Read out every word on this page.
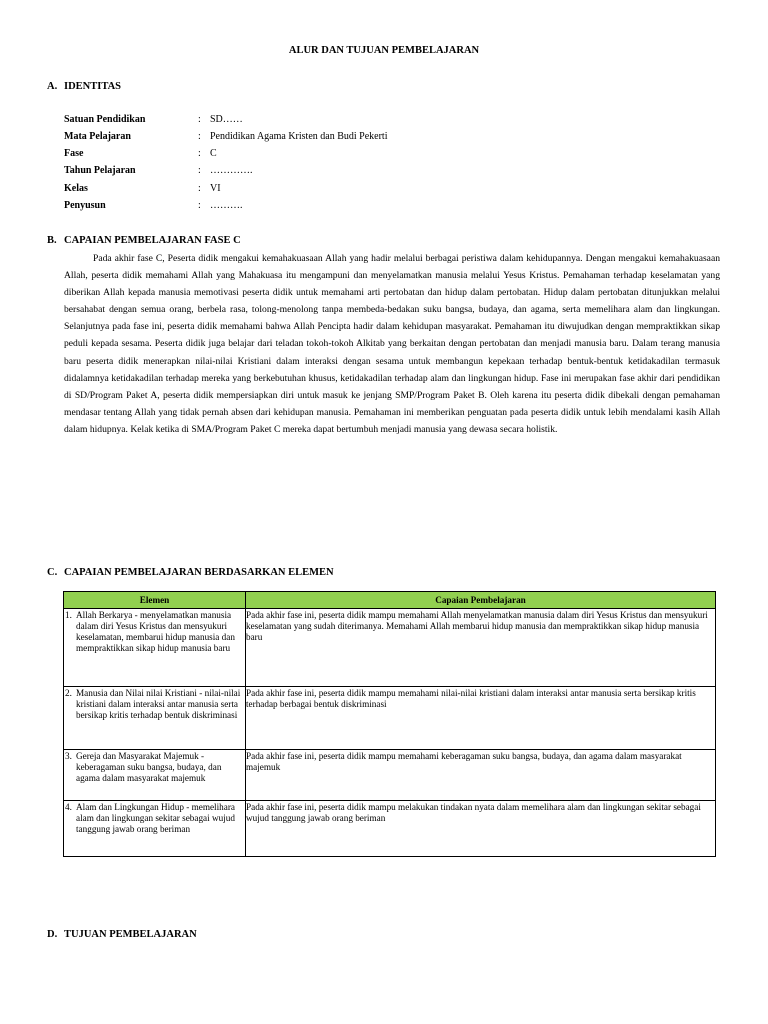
ALUR DAN TUJUAN PEMBELAJARAN
A. IDENTITAS
Satuan Pendidikan	: SD……
Mata Pelajaran	: Pendidikan Agama Kristen dan Budi Pekerti
Fase	: C
Tahun Pelajaran	: ………….
Kelas	: VI
Penyusun	: ……….
B. CAPAIAN PEMBELAJARAN FASE C

Pada akhir fase C, Peserta didik mengakui kemahakuasaan Allah yang hadir melalui berbagai peristiwa dalam kehidupannya. Dengan mengakui kemahakuasaan Allah, peserta didik memahami Allah yang Mahakuasa itu mengampuni dan menyelamatkan manusia melalui Yesus Kristus. Pemahaman terhadap keselamatan yang diberikan Allah kepada manusia memotivasi peserta didik untuk memahami arti pertobatan dan hidup dalam pertobatan. Hidup dalam pertobatan ditunjukkan melalui bersahabat dengan semua orang, berbela rasa, tolong-menolong tanpa membeda-bedakan suku bangsa, budaya, dan agama, serta memelihara alam dan lingkungan. Selanjutnya pada fase ini, peserta didik memahami bahwa Allah Pencipta hadir dalam kehidupan masyarakat. Pemahaman itu diwujudkan dengan mempraktikkan sikap peduli kepada sesama. Peserta didik juga belajar dari teladan tokoh-tokoh Alkitab yang berkaitan dengan pertobatan dan menjadi manusia baru. Dalam terang manusia baru peserta didik menerapkan nilai-nilai Kristiani dalam interaksi dengan sesama untuk membangun kepekaan terhadap bentuk-bentuk ketidakadilan termasuk didalamnya ketidakadilan terhadap mereka yang berkebutuhan khusus, ketidakadilan terhadap alam dan lingkungan hidup. Fase ini merupakan fase akhir dari pendidikan di SD/Program Paket A, peserta didik mempersiapkan diri untuk masuk ke jenjang SMP/Program Paket B. Oleh karena itu peserta didik dibekali dengan pemahaman mendasar tentang Allah yang tidak pernah absen dari kehidupan manusia. Pemahaman ini memberikan penguatan pada peserta didik untuk lebih mendalami kasih Allah dalam hidupnya. Kelak ketika di SMA/Program Paket C mereka dapat bertumbuh menjadi manusia yang dewasa secara holistik.

C. CAPAIAN PEMBELAJARAN BERDASARKAN ELEMEN
Elemen	Capaian Pembelajaran

1. Allah Berkarya - menyelamatkan manusia dalam diri Yesus Kristus dan mensyukuri keselamatan, membarui hidup manusia dan mempraktikkan sikap hidup manusia baru	Pada akhir fase ini, peserta didik mampu memahami Allah menyelamatkan manusia dalam diri Yesus Kristus dan mensyukuri keselamatan yang sudah diterimanya. Memahami Allah membarui hidup manusia dan mempraktikkan sikap hidup manusia baru

2. Manusia dan Nilai nilai Kristiani - nilai-nilai kristiani dalam interaksi antar manusia serta bersikap kritis terhadap bentuk diskriminasi	Pada akhir fase ini, peserta didik mampu memahami nilai-nilai kristiani dalam interaksi antar manusia serta bersikap kritis terhadap berbagai bentuk diskriminasi

3. Gereja dan Masyarakat Majemuk - keberagaman suku bangsa, budaya, dan agama dalam masyarakat majemuk	Pada akhir fase ini, peserta didik mampu memahami keberagaman suku bangsa, budaya, dan agama dalam masyarakat majemuk

4. Alam dan Lingkungan Hidup - memelihara alam dan lingkungan sekitar sebagai wujud tanggung jawab orang beriman	Pada akhir fase ini, peserta didik mampu melakukan tindakan nyata dalam memelihara alam dan lingkungan sekitar sebagai wujud tanggung jawab orang beriman
D. TUJUAN PEMBELAJARAN
